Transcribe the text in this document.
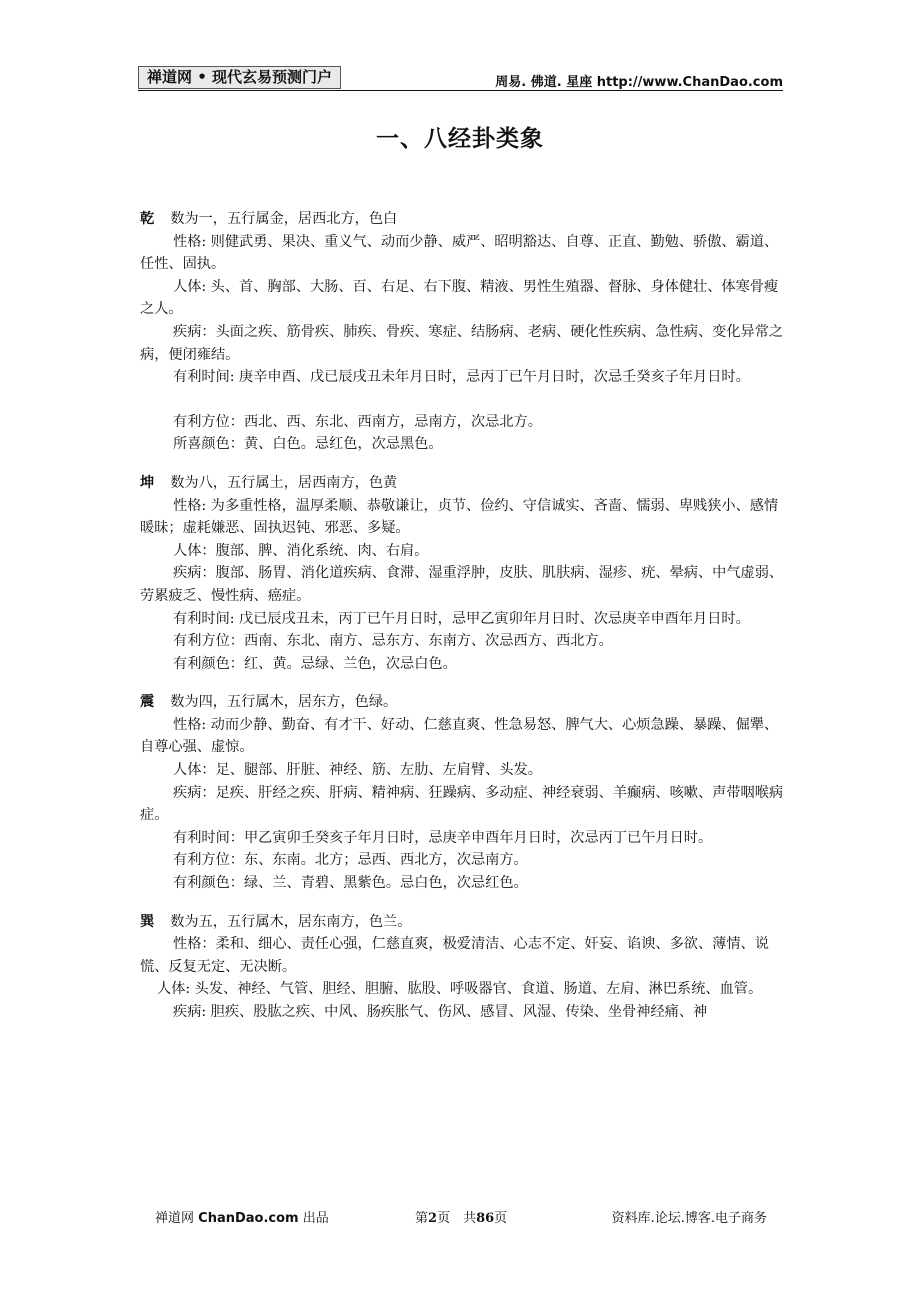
禅道网 • 现代玄易预测门户	周易. 佛道. 星座 http://www.ChanDao.com
一、八经卦类象

乾 数为一，五行属金，居西北方，色白

性格: 则健武勇、果决、重义气、动而少静、威严、昭明豁达、自尊、正直、勤勉、骄傲、霸道、任性、固执。

人体: 头、首、胸部、大肠、百、右足、右下腹、精液、男性生殖器、督脉、身体健壮、体寒骨瘦之人。

疾病：头面之疾、筋骨疾、肺疾、骨疾、寒症、结肠病、老病、硬化性疾病、急性病、变化异常之病，便闭雍结。

有利时间: 庚辛申酉、戊已辰戌丑未年月日时，忌丙丁已午月日时，次忌壬癸亥子年月日时。

有利方位：西北、西、东北、西南方，忌南方，次忌北方。

所喜颜色：黄、白色。忌红色，次忌黑色。

坤 数为八，五行属土，居西南方，色黄

性格: 为多重性格，温厚柔顺、恭敬谦让，贞节、俭约、守信诚实、吝啬、懦弱、卑贱狭小、感情暖昧；虚耗嫌恶、固执迟钝、邪恶、多疑。

人体：腹部、脾、消化系统、肉、右肩。

疾病：腹部、肠胃、消化道疾病、食滞、湿重浮肿，皮肤、肌肤病、湿疹、疣、晕病、中气虚弱、劳累疲乏、慢性病、癌症。

有利时间: 戊已辰戌丑未，丙丁已午月日时，忌甲乙寅卯年月日时、次忌庚辛申酉年月日时。

有利方位：西南、东北、南方、忌东方、东南方、次忌西方、西北方。

有利颜色：红、黄。忌绿、兰色，次忌白色。

震 数为四，五行属木，居东方，色绿。

性格: 动而少静、勤奋、有才干、好动、仁慈直爽、性急易怒、脾气大、心烦急躁、暴躁、倔犟、自尊心强、虚惊。

人体：足、腿部、肝脏、神经、筋、左肋、左肩臂、头发。

疾病：足疾、肝经之疾、肝病、精神病、狂躁病、多动症、神经衰弱、羊癫病、咳嗽、声带咽喉病症。

有利时间：甲乙寅卯壬癸亥子年月日时，忌庚辛申酉年月日时，次忌丙丁已午月日时。

有利方位：东、东南。北方；忌西、西北方，次忌南方。

有利颜色：绿、兰、青碧、黑紫色。忌白色，次忌红色。

巽 数为五，五行属木，居东南方，色兰。

性格：柔和、细心、责任心强，仁慈直爽，极爱清洁、心志不定、奸妄、谄谀、多欲、薄情、说慌、反复无定、无决断。

人体: 头发、神经、气管、胆经、胆腑、肱股、呼吸器官、食道、肠道、左肩、淋巴系统、血管。

疾病: 胆疾、股肱之疾、中风、肠疾胀气、伤风、感冒、风湿、传染、坐骨神经痛、神

禅道网 ChanDao.com 出品	第2页　共86页	资料库.论坛.博客.电子商务
